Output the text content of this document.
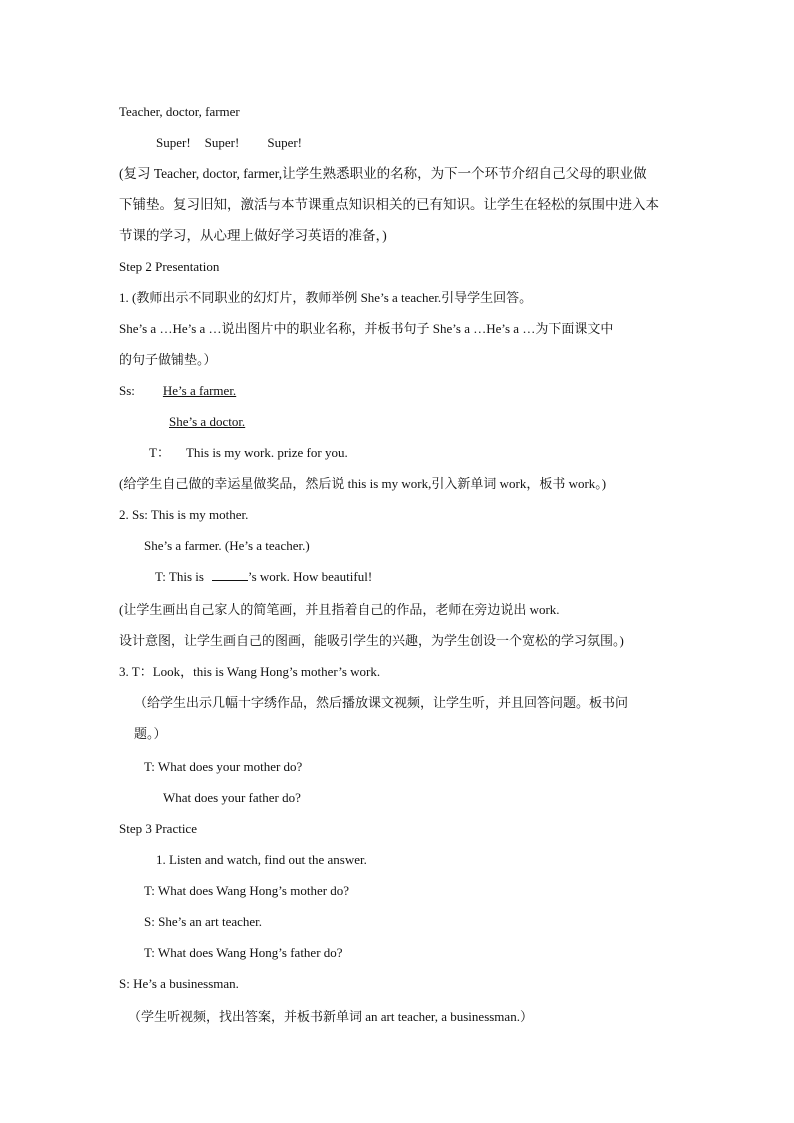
Teacher, doctor, farmer
Super! Super! Super!
(复习 Teacher, doctor, farmer,让学生熟悉职业的名称，为下一个环节介绍自己父母的职业做
下铺垫。复习旧知，激活与本节课重点知识相关的已有知识。让学生在轻松的氛围中进入本
节课的学习，从心理上做好学习英语的准备，)
Step 2 Presentation
1. (教师出示不同职业的幻灯片，教师举例 She’s a teacher.引导学生回答。
She’s a …He’s a …说出图片中的职业名称，并板书句子 She’s a …He’s a …为下面课文中
的句子做铺垫。）
Ss: He’s a farmer.
She’s a doctor.
T： This is my work. prize for you.
(给学生自己做的幸运星做奖品，然后说 this is my work,引入新单词 work，板书 work。)
2. Ss: This is my mother.
She’s a farmer. (He’s a teacher.)
T: This is	’s work. How beautiful!
(让学生画出自己家人的简笔画，并且指着自己的作品，老师在旁边说出 work.
设计意图，让学生画自己的图画，能吸引学生的兴趣，为学生创设一个宽松的学习氛围。)
3. T：Look，this is Wang Hong’s mother’s work.
（给学生出示几幅十字绣作品，然后播放课文视频，让学生听，并且回答问题。板书问
题。）
T: What does your mother do?
What does your father do?
Step 3 Practice
1. Listen and watch, find out the answer.
T: What does Wang Hong’s mother do?
S: She’s an art teacher.
T: What does Wang Hong’s father do?
S: He’s a businessman.
（学生听视频，找出答案，并板书新单词 an art teacher, a businessman.）
